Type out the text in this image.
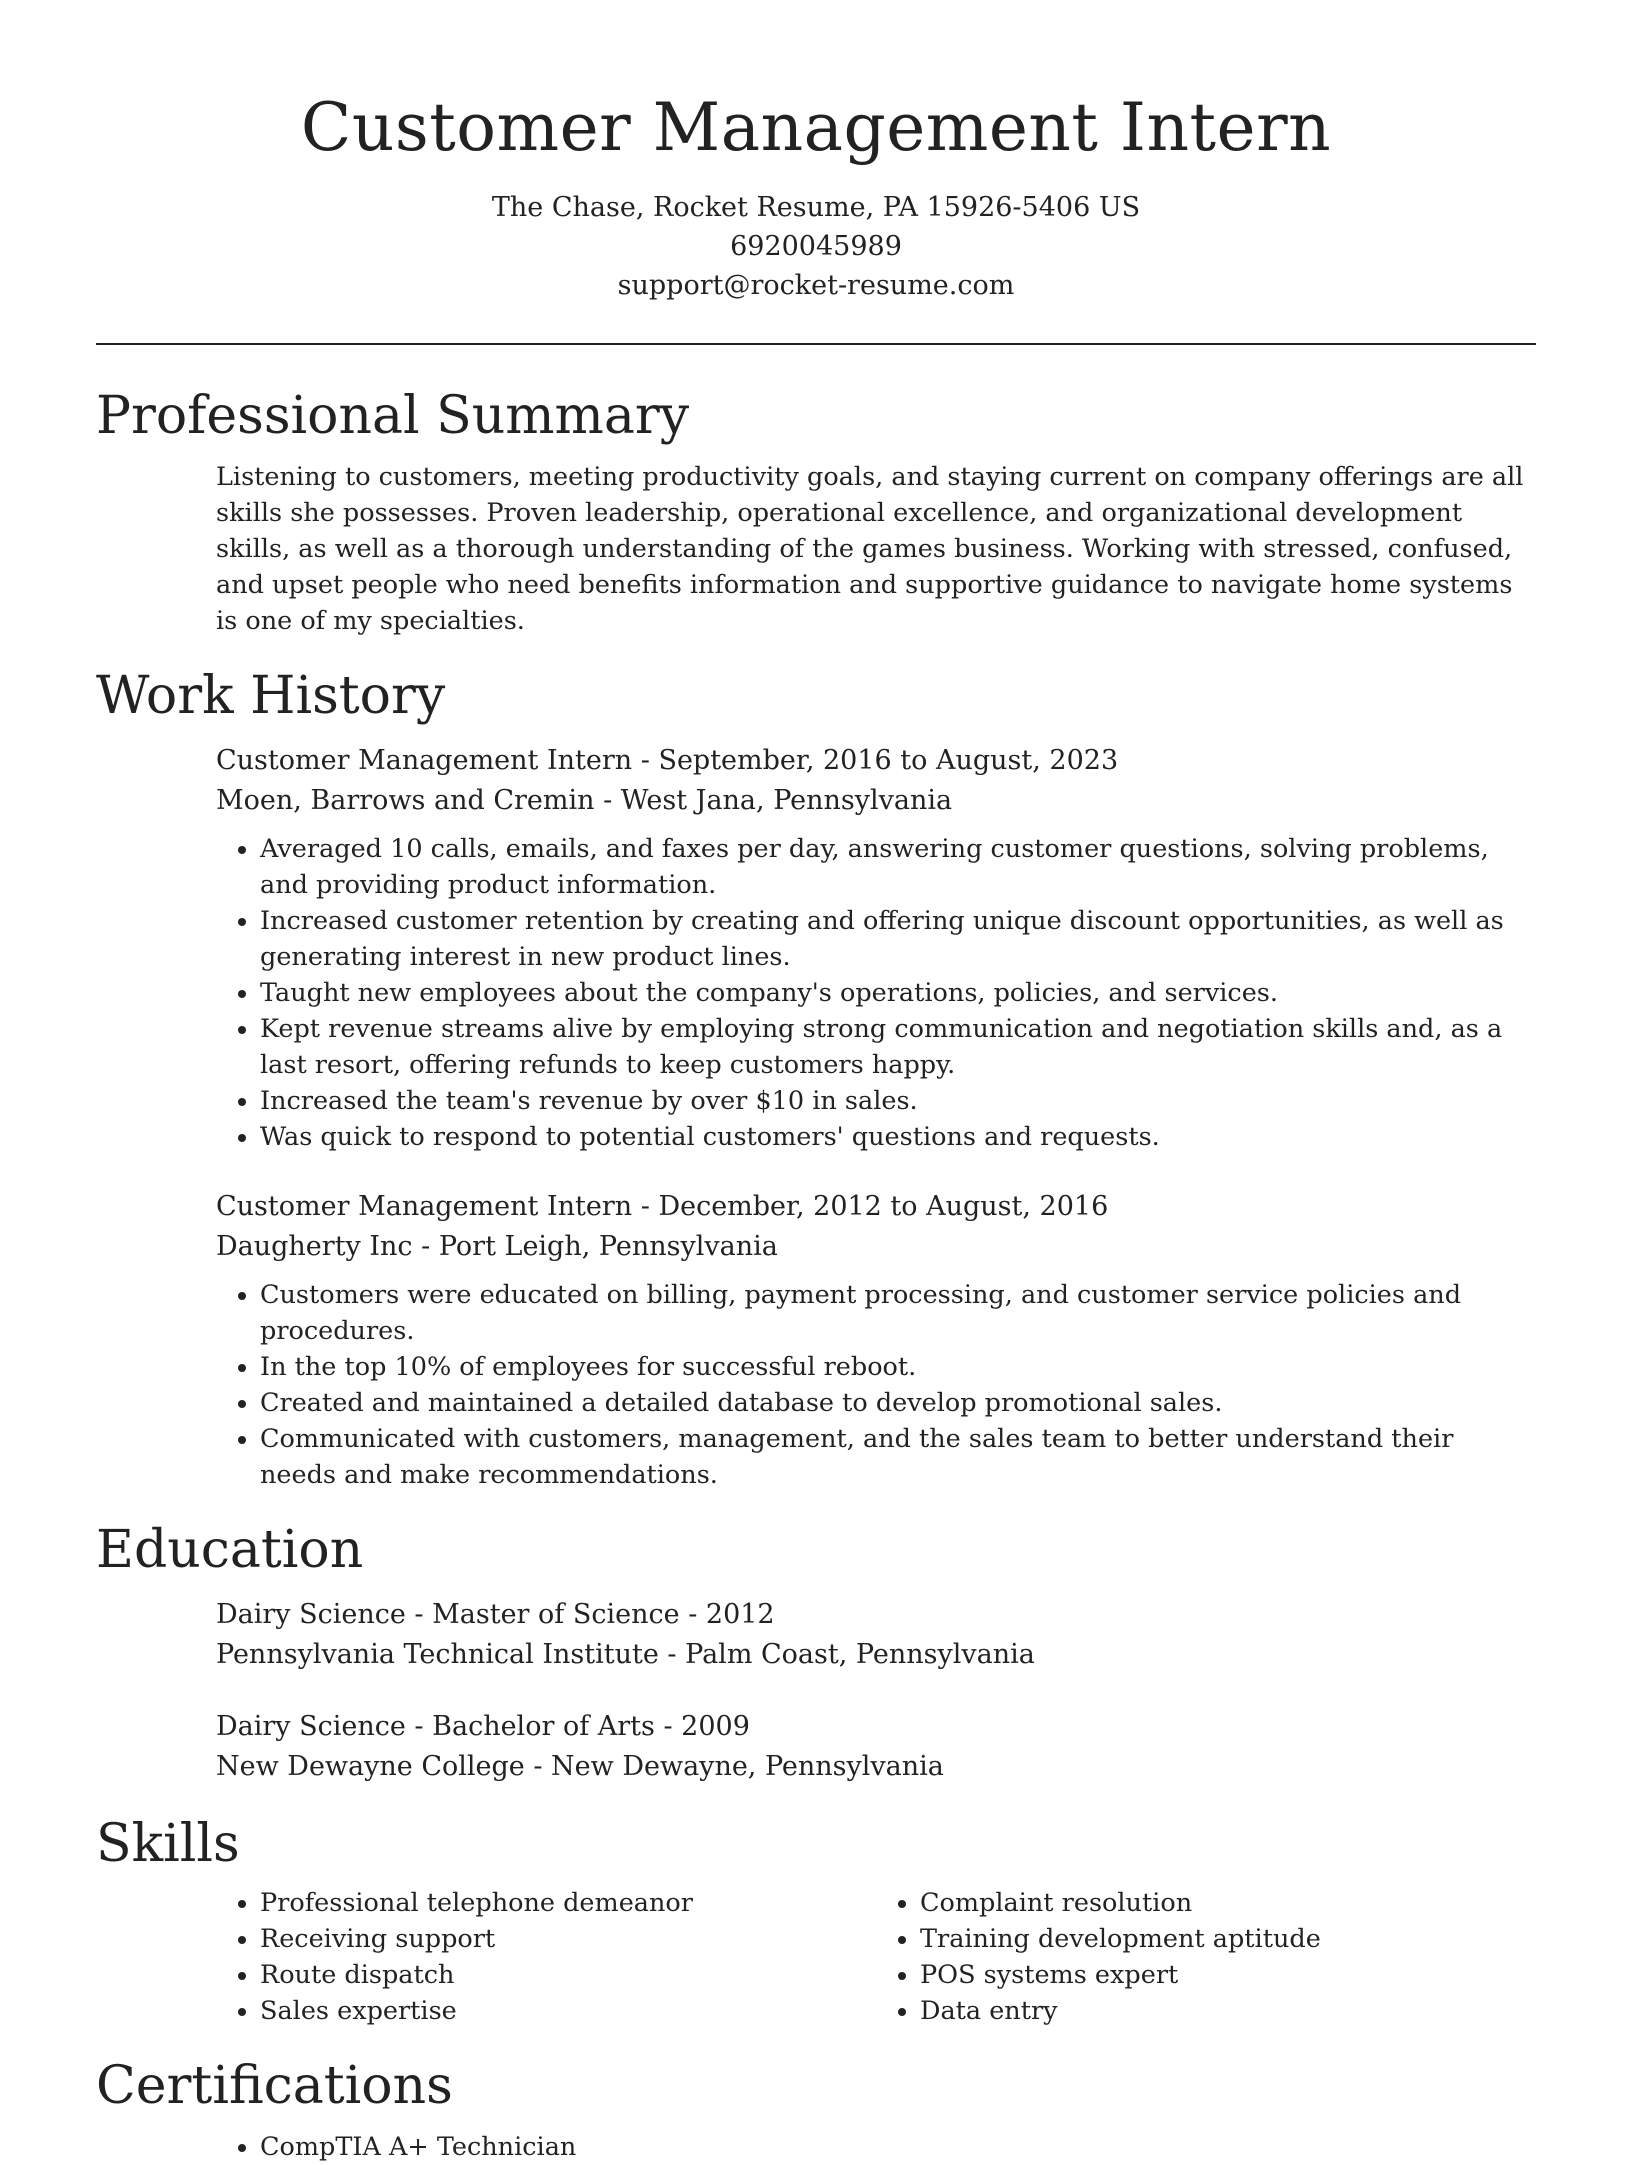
Customer Management Intern
The Chase, Rocket Resume, PA 15926-5406 US
6920045989
support@rocket-resume.com
Professional Summary
Listening to customers, meeting productivity goals, and staying current on company offerings are all skills she possesses. Proven leadership, operational excellence, and organizational development skills, as well as a thorough understanding of the games business. Working with stressed, confused, and upset people who need benefits information and supportive guidance to navigate home systems is one of my specialties.
Work History
Customer Management Intern - September, 2016 to August, 2023
Moen, Barrows and Cremin - West Jana, Pennsylvania
• Averaged 10 calls, emails, and faxes per day, answering customer questions, solving problems, and providing product information.
• Increased customer retention by creating and offering unique discount opportunities, as well as generating interest in new product lines.
• Taught new employees about the company's operations, policies, and services.
• Kept revenue streams alive by employing strong communication and negotiation skills and, as a last resort, offering refunds to keep customers happy.
• Increased the team's revenue by over $10 in sales.
• Was quick to respond to potential customers' questions and requests.
Customer Management Intern - December, 2012 to August, 2016
Daugherty Inc - Port Leigh, Pennsylvania
• Customers were educated on billing, payment processing, and customer service policies and procedures.
• In the top 10% of employees for successful reboot.
• Created and maintained a detailed database to develop promotional sales.
• Communicated with customers, management, and the sales team to better understand their needs and make recommendations.
Education
Dairy Science - Master of Science - 2012
Pennsylvania Technical Institute - Palm Coast, Pennsylvania
Dairy Science - Bachelor of Arts - 2009
New Dewayne College - New Dewayne, Pennsylvania
Skills
• Professional telephone demeanor
• Receiving support
• Route dispatch
• Sales expertise
• Complaint resolution
• Training development aptitude
• POS systems expert
• Data entry
Certifications
• CompTIA A+ Technician
